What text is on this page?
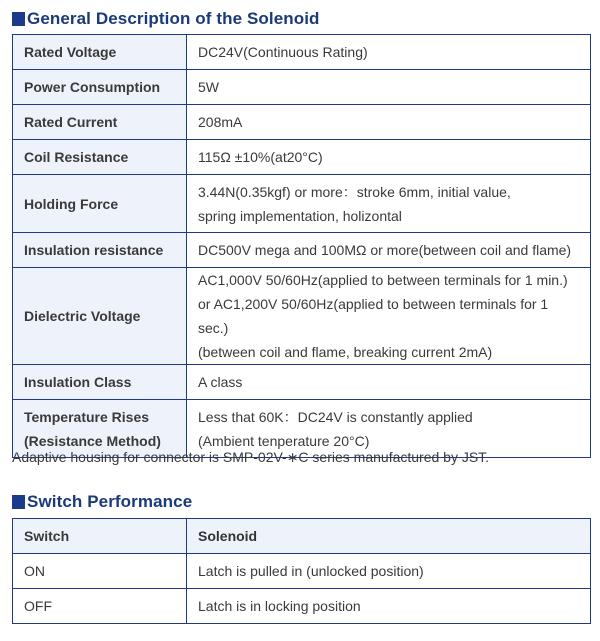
General Description of the Solenoid
Rated Voltage	DC24V(Continuous Rating)

Power Consumption	5W

Rated Current	208mA

Coil Resistance	115Ω ±10%(at20°C)

Holding Force	3.44N(0.35kgf) or more：stroke 6mm, initial value,
spring implementation, holizontal

Insulation resistance	DC500V mega and 100MΩ or more(between coil and flame)

Dielectric Voltage	AC1,000V 50/60Hz(applied to between terminals for 1 min.)
or AC1,200V 50/60Hz(applied to between terminals for 1 sec.)
(between coil and flame, breaking current 2mA)

Insulation Class	A class

Temperature Rises
(Resistance Method)	Less that 60K：DC24V is constantly applied
(Ambient tenperature 20°C)
Adaptive housing for connector is SMP-02V-∗C series manufactured by JST.
Switch Performance
Switch	Solenoid
ON	Latch is pulled in (unlocked position)
OFF	Latch is in locking position
